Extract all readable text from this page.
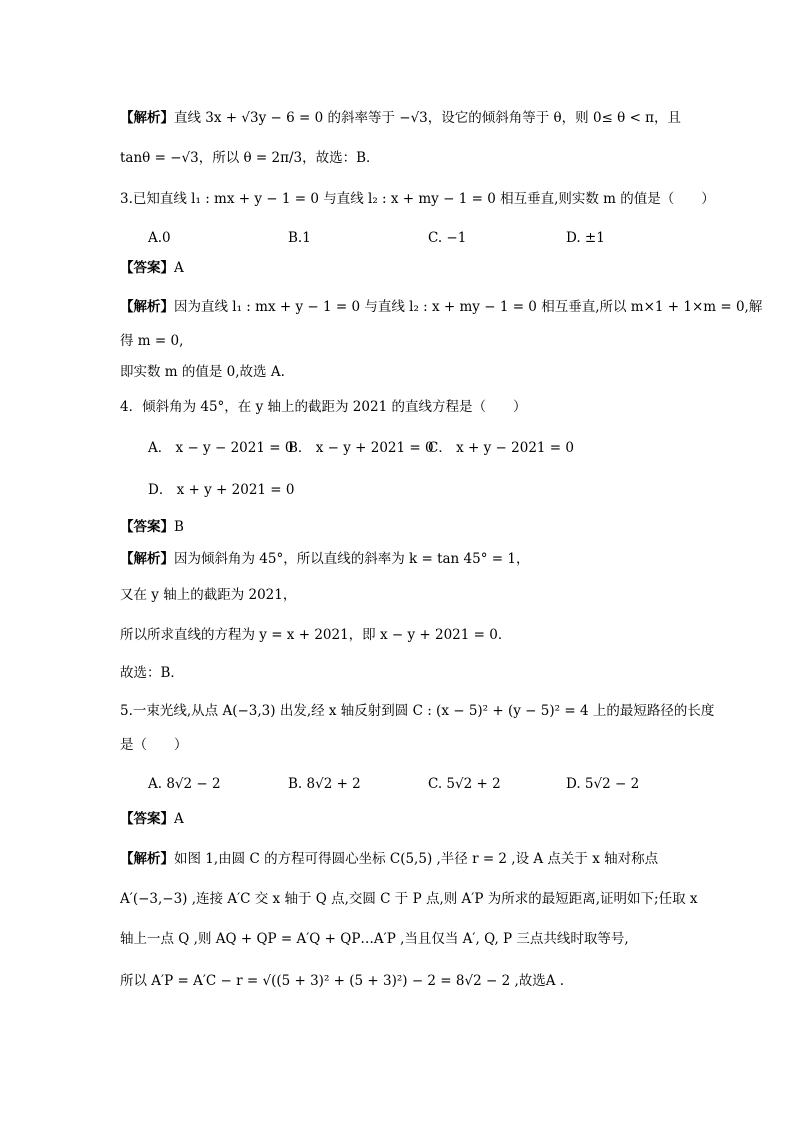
【解析】直线 3x + √3y − 6 = 0 的斜率等于 −√3，设它的倾斜角等于 θ，则 0≤ θ < π，且
tanθ = −√3，所以 θ = 2π/3，故选：B．
3.已知直线 l₁ : mx + y − 1 = 0 与直线 l₂ : x + my − 1 = 0 相互垂直,则实数 m 的值是（　　）
A.0	B.1	C. −1	D. ±1
【答案】A
【解析】因为直线 l₁ : mx + y − 1 = 0 与直线 l₂ : x + my − 1 = 0 相互垂直,所以 m×1 + 1×m = 0,解
得 m = 0,
即实数 m 的值是 0,故选 A.
4．倾斜角为 45°，在 y 轴上的截距为 2021 的直线方程是（　　）
A． x − y − 2021 = 0
B． x − y + 2021 = 0
C． x + y − 2021 = 0
D． x + y + 2021 = 0
【答案】B
【解析】因为倾斜角为 45°，所以直线的斜率为 k = tan 45° = 1，
又在 y 轴上的截距为 2021，
所以所求直线的方程为 y = x + 2021，即 x − y + 2021 = 0．
故选：B．
5.一束光线,从点 A(−3,3) 出发,经 x 轴反射到圆 C : (x − 5)² + (y − 5)² = 4 上的最短路径的长度
是（　　）
A. 8√2 − 2	B. 8√2 + 2	C. 5√2 + 2	D. 5√2 − 2
【答案】A
【解析】如图 1,由圆 C 的方程可得圆心坐标 C(5,5) ,半径 r = 2 ,设 A 点关于 x 轴对称点
A′(−3,−3) ,连接 A′C 交 x 轴于 Q 点,交圆 C 于 P 点,则 A′P 为所求的最短距离,证明如下;任取 x
轴上一点 Q ,则 AQ + QP = A′Q + QP…A′P ,当且仅当 A′, Q, P 三点共线时取等号,
所以 A′P = A′C − r = √((5 + 3)² + (5 + 3)²) − 2 = 8√2 − 2 ,故选A .
